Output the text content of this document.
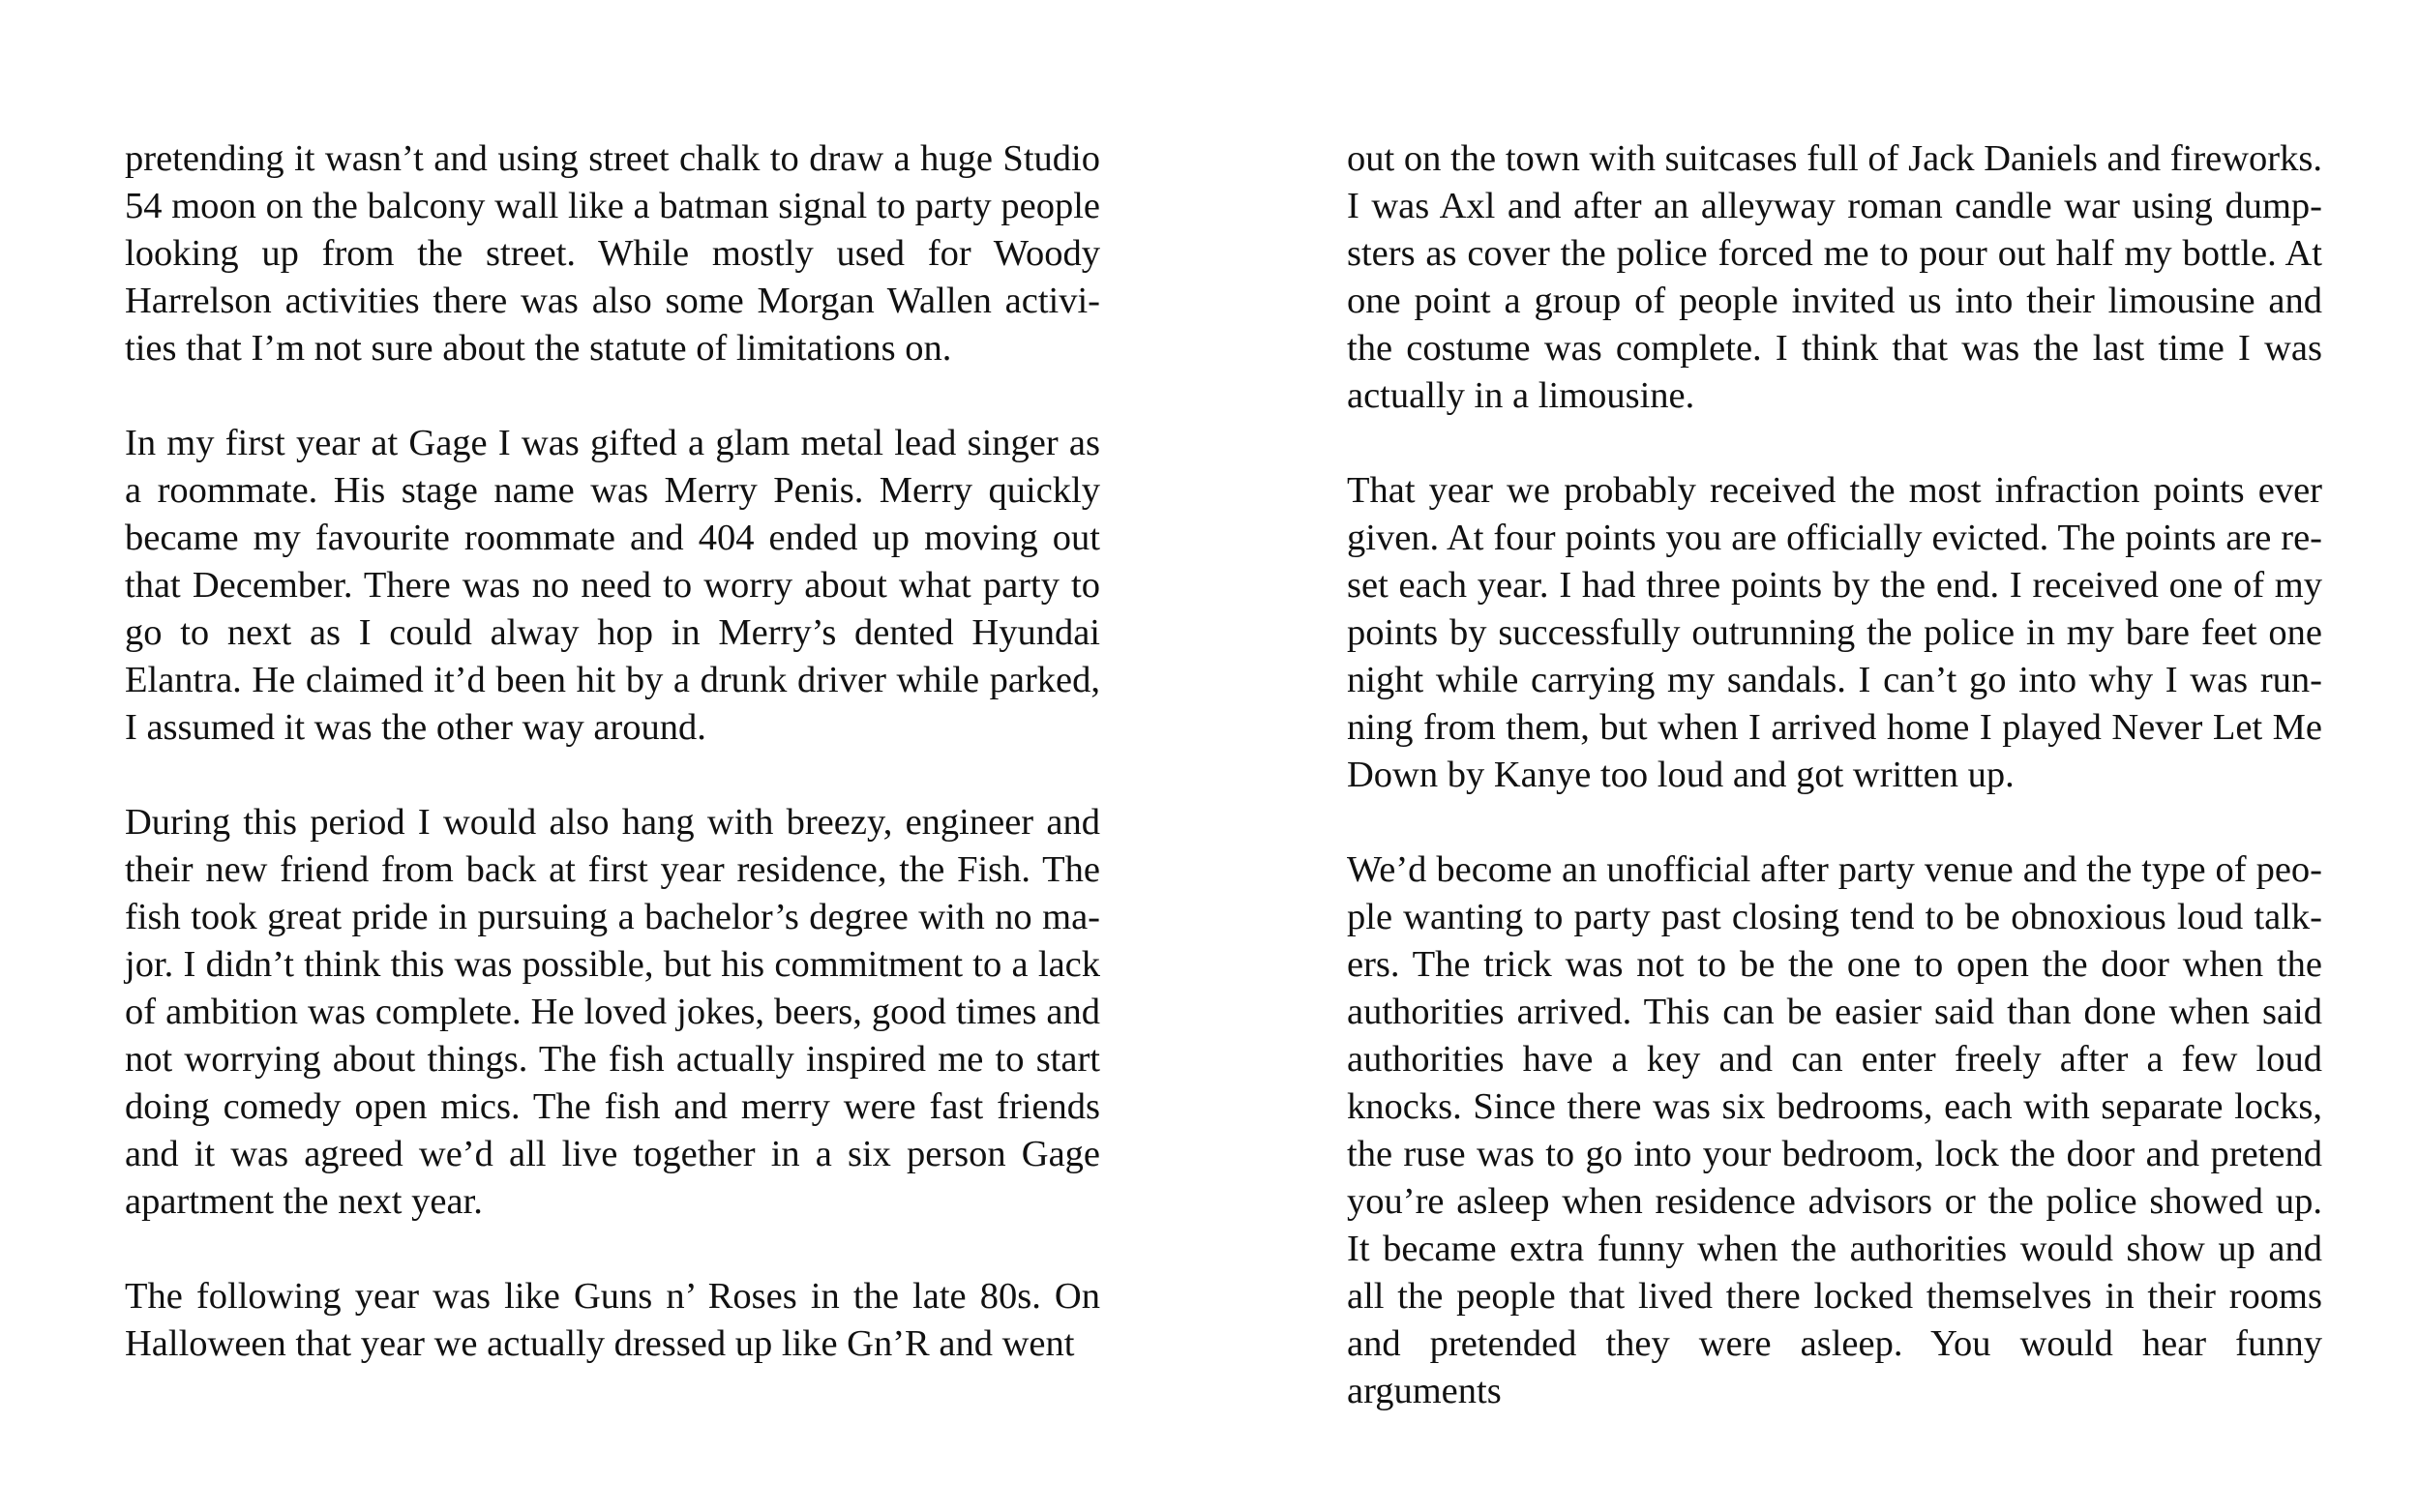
pretending it wasn’t and using street chalk to draw a huge Studio 54 moon on the balcony wall like a batman signal to party people looking up from the street. While mostly used for Woody Harrelson activities there was also some Morgan Wallen activities that I’m not sure about the statute of limitations on.

In my first year at Gage I was gifted a glam metal lead singer as a roommate. His stage name was Merry Penis. Merry quickly became my favourite roommate and 404 ended up moving out that December. There was no need to worry about what party to go to next as I could alway hop in Merry’s dented Hyundai Elantra. He claimed it’d been hit by a drunk driver while parked, I assumed it was the other way around.

During this period I would also hang with breezy, engineer and their new friend from back at first year residence, the Fish. The fish took great pride in pursuing a bachelor’s degree with no major. I didn’t think this was possible, but his commitment to a lack of ambition was complete. He loved jokes, beers, good times and not worrying about things. The fish actually inspired me to start doing comedy open mics. The fish and merry were fast friends and it was agreed we’d all live together in a six person Gage apartment the next year.

The following year was like Guns n’ Roses in the late 80s. On Halloween that year we actually dressed up like Gn’R and went

out on the town with suitcases full of Jack Daniels and fireworks. I was Axl and after an alleyway roman candle war using dumpsters as cover the police forced me to pour out half my bottle. At one point a group of people invited us into their limousine and the costume was complete. I think that was the last time I was actually in a limousine.

That year we probably received the most infraction points ever given. At four points you are officially evicted. The points are reset each year. I had three points by the end. I received one of my points by successfully outrunning the police in my bare feet one night while carrying my sandals. I can’t go into why I was running from them, but when I arrived home I played Never Let Me Down by Kanye too loud and got written up.

We’d become an unofficial after party venue and the type of people wanting to party past closing tend to be obnoxious loud talkers. The trick was not to be the one to open the door when the authorities arrived. This can be easier said than done when said authorities have a key and can enter freely after a few loud knocks. Since there was six bedrooms, each with separate locks, the ruse was to go into your bedroom, lock the door and pretend you’re asleep when residence advisors or the police showed up. It became extra funny when the authorities would show up and all the people that lived there locked themselves in their rooms and pretended they were asleep. You would hear funny arguments
